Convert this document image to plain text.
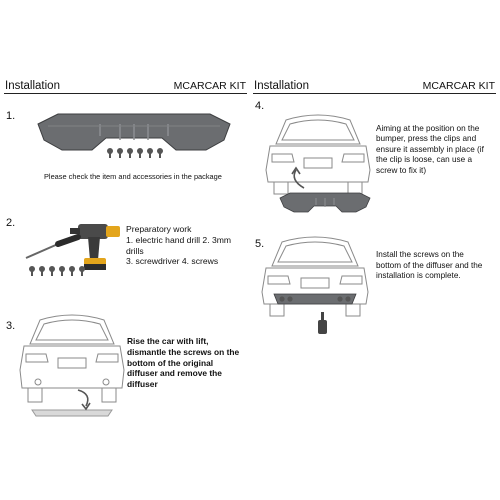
Installation	MCARCAR KIT
1.
Please check the item and accessories in the package
2.	Preparatory work
1. electric hand drill 2. 3mm
drills
3. screwdriver 4. screws
3.
Rise the car with lift,
dismantle the screws on the
bottom of the original
diffuser and remove the
diffuser
Installation	MCARCAR KIT
4.
Aiming at the position on the
bumper, press the clips and
ensure it assembly in place (if
the clip is loose, can use a
screw to fix it)
5.
Install the screws on the
bottom of the diffuser and the
installation is complete.
